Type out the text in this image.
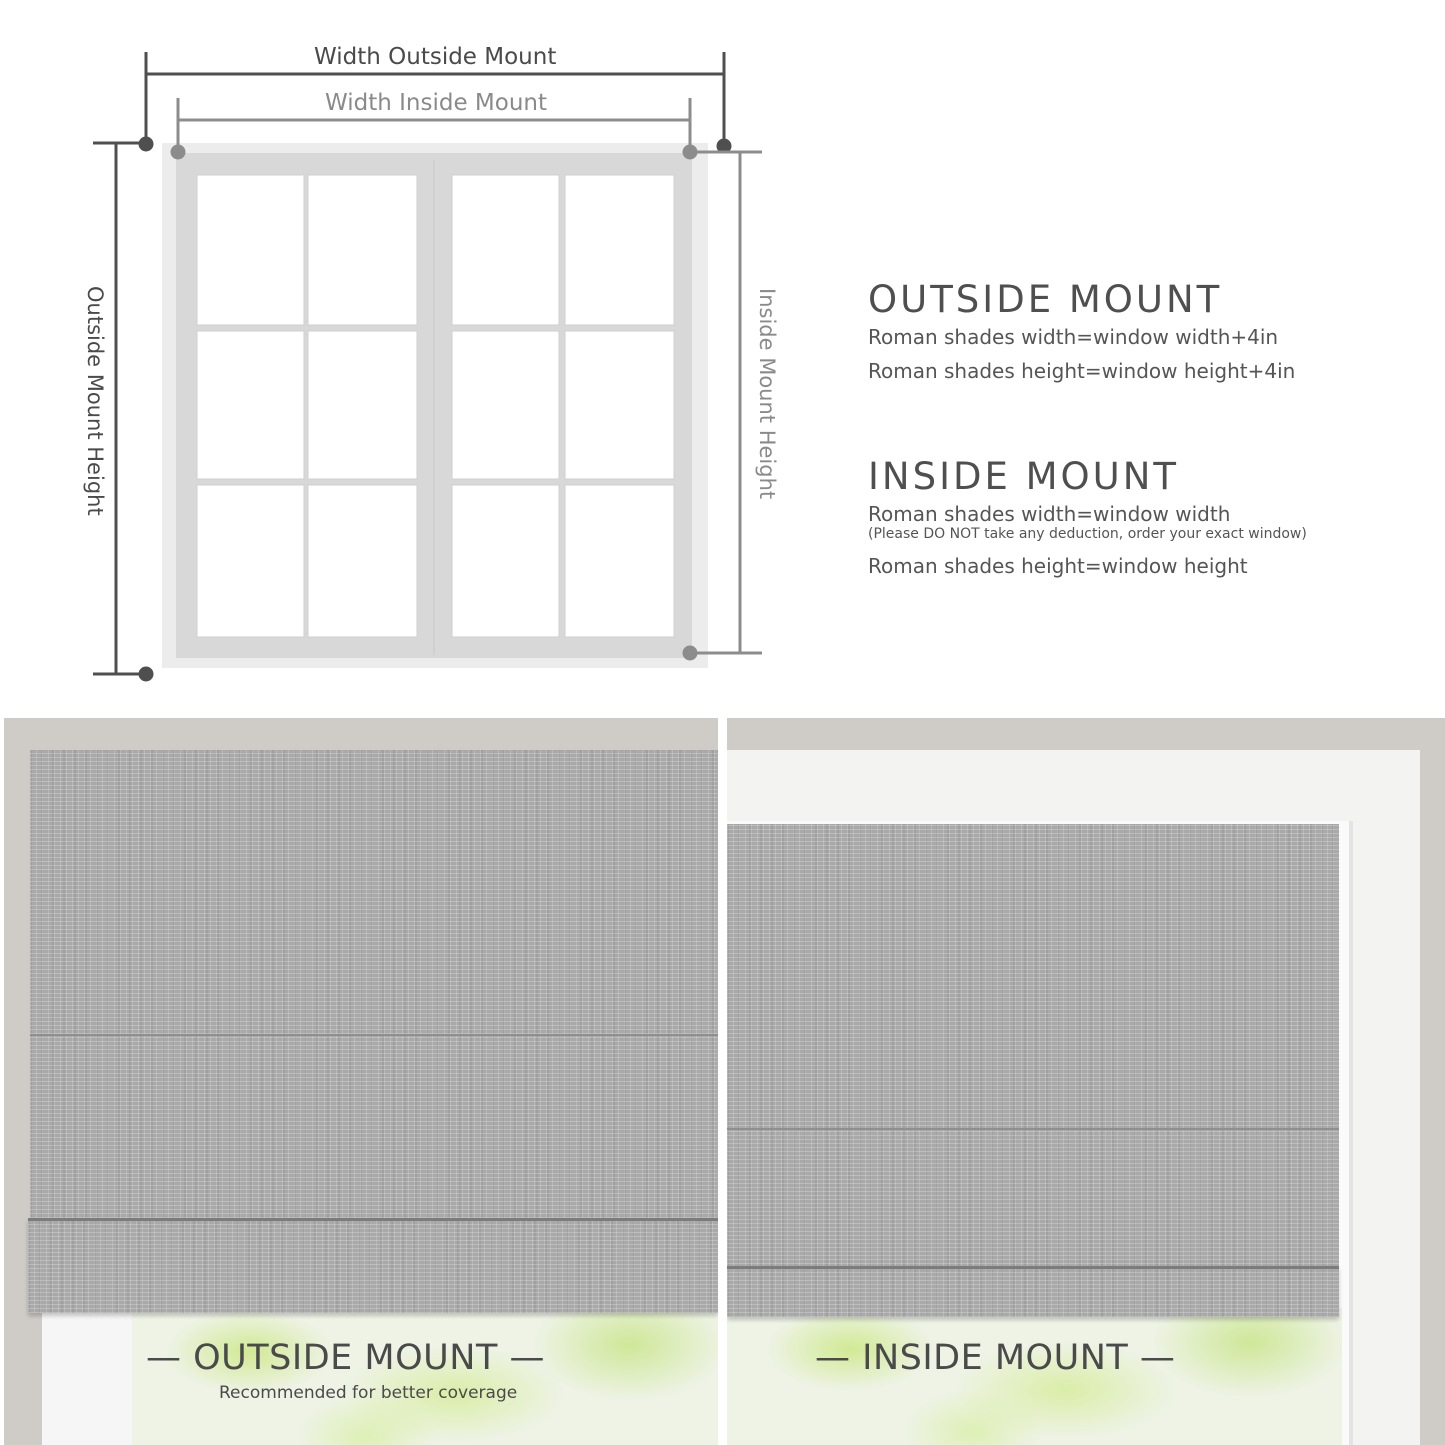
Width Outside Mount
Width Inside Mount
Outside Mount Height	Inside Mount Height OUTSIDE MOUNT

Roman shades width=window width+4in

Roman shades height=window height+4in

INSIDE MOUNT

Roman shades width=window width

(Please DO NOT take any deduction, order your exact window)

Roman shades height=window height

— OUTSIDE MOUNT —
Recommended for better coverage
— INSIDE MOUNT —
